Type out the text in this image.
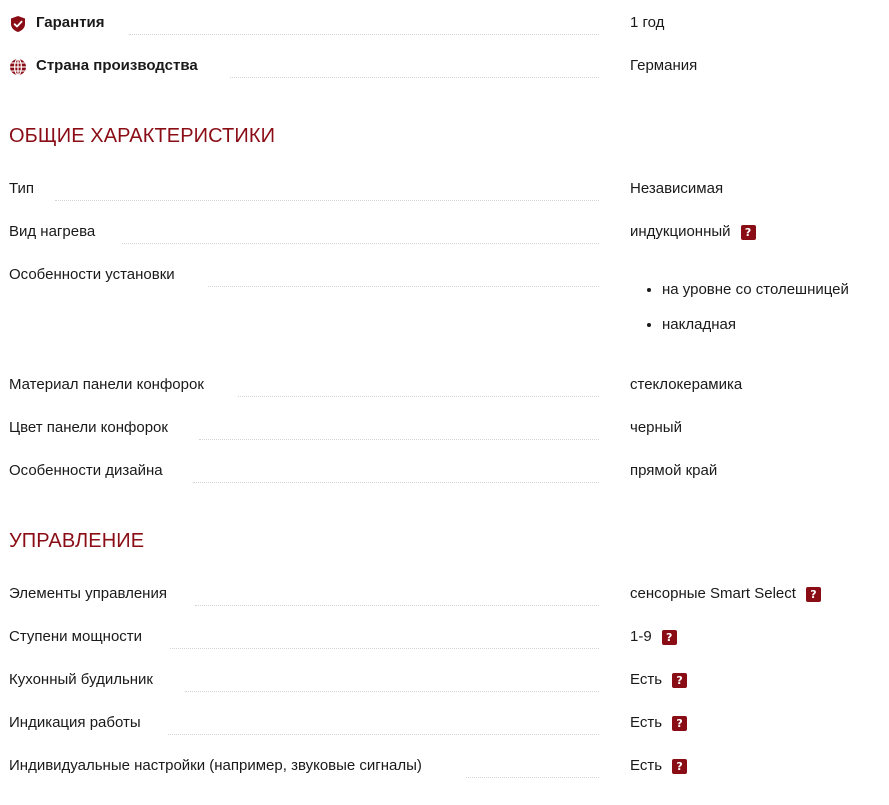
Гарантия	1 год
Страна производства	Германия
ОБЩИЕ ХАРАКТЕРИСТИКИ
Тип	Независимая
Вид нагрева	индукционный	?
Особенности установки
• на уровне со столешницей
• накладная
Материал панели конфорок	стеклокерамика
Цвет панели конфорок	черный
Особенности дизайна	прямой край
УПРАВЛЕНИЕ
Элементы управления	сенсорные Smart Select	?
Ступени мощности	1-9	?
Кухонный будильник	Есть	?
Индикация работы	Есть	?
Индивидуальные настройки (например, звуковые сигналы)	Есть	?
